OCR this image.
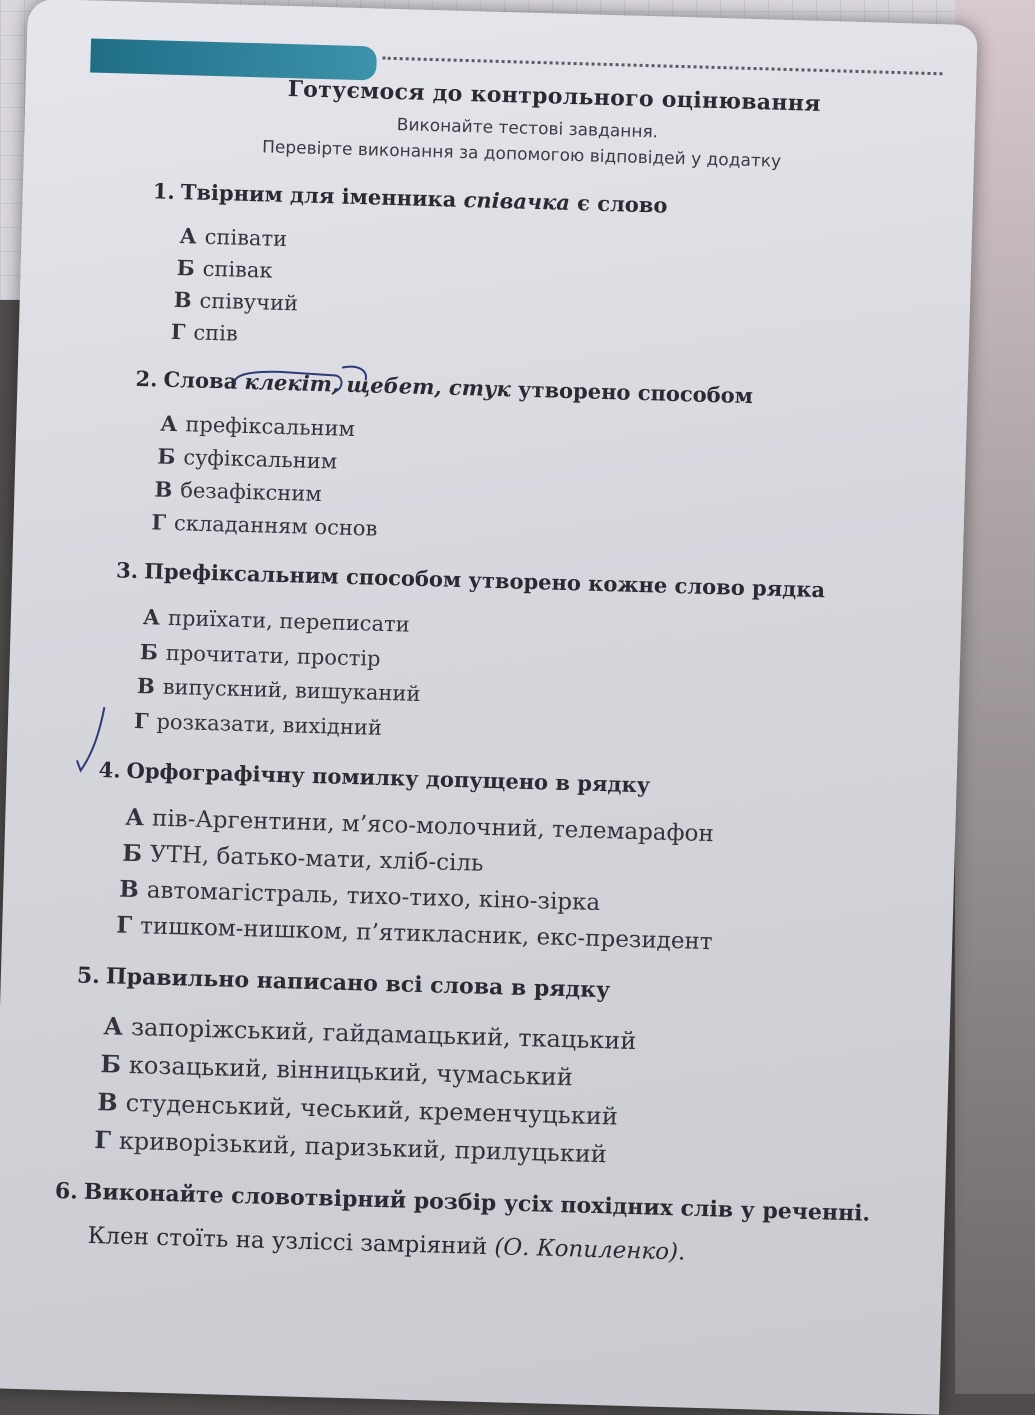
Готуємося до контрольного оцінювання
Виконайте тестові завдання.
Перевірте виконання за допомогою відповідей у додатку
1. Твірним для іменника співачка є слово
А співати
Б співак
В співучий
Г спів
2. Слова клекіт, щебет, стук утворено способом
А префіксальним
Б суфіксальним
В безафіксним
Г складанням основ
3. Префіксальним способом утворено кожне слово рядка
А приїхати, переписати
Б прочитати, простір
В випускний, вишуканий
Г розказати, вихідний
4. Орфографічну помилку допущено в рядку
А пів-Аргентини, м’ясо-молочний, телемарафон
Б УТН, батько-мати, хліб-сіль
В автомагістраль, тихо-тихо, кіно-зірка
Г тишком-нишком, п’ятикласник, екс-президент
5. Правильно написано всі слова в рядку
А запоріжський, гайдамацький, ткацький
Б козацький, вінницький, чумаський
В студенський, чеський, кременчуцький
Г криворізький, паризький, прилуцький
6. Виконайте словотвірний розбір усіх похідних слів у реченні.
Клен стоїть на узліссі замріяний (О. Копиленко).
